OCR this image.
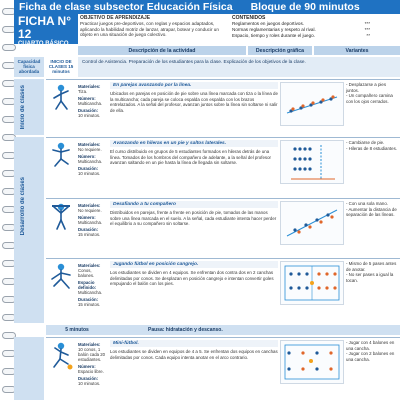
Ficha de clase subsector Educación Física Bloque de 90 minutos
FICHA N° 12
CUARTO BÁSICO
OBJETIVO DE APRENDIZAJE
Practicar juegos pre-deportivos, con reglas y espacios adaptados, aplicando la habilidad motriz de lanzar, atrapar, botear y conducir un objeto en una situación de juego colectivo.
CONTENIDOS
Reglamentos en juegos deportivos.	***
Normas reglamentarias y respeto al rival.	***
Espacio, tiempo y roles durante el juego.	**
Descripción de la actividad	Descripción gráfica	Variantes
Capacidad física abordada
INICIO DE CLASES 15 minutos
Control de Asistencia. Preparación de los estudiantes para la clase. Explicación de los objetivos de la clase.
Inicio de clases
Desarrollo de clases
Materiales:
Tiza.
Número:
Multicancha.
Duración:
10 minutos.
En parejas avanzando por la línea.
Ubicados en parejas en posición de pie sobre una línea marcada con tiza o la línea de la multicancha; cada pareja se coloca espalda con espalda con los brazos entrelazados. A la señal del profesor, avanzan juntos sobre la línea sin soltarse ni salir de ella.
- Desplazarse a pies juntos.
- Un compañero camina con los ojos cerrados.
Materiales:
No requiere.
Número:
Multicancha.
Duración:
10 minutos.
Avanzando en hileras en un pie y saltos laterales.
El curso distribuido en grupos de 5 estudiantes formados en hileras detrás de una línea. Tomados de los hombros del compañero de adelante, a la señal del profesor avanzan saltando en un pie hasta la línea de llegada sin soltarse.
- Cambiarse de pie.
- Hileras de 8 estudiantes.
Materiales:
No requiere.
Número:
Multicancha.
Duración:
15 minutos.
Desafiando a tu compañero
Distribuidos en parejas, frente a frente en posición de pie, tomados de las manos sobre una línea marcada en el suelo. A la señal, cada estudiante intenta hacer perder el equilibrio a su compañero sin soltarse.
- Con una sola mano.
- Aumentar la distancia de separación de las líneas.
Materiales:
Conos, balones.
Espacio definido:
Multicancha.
Duración:
15 minutos.
Jugando fútbol en posición cangrejo.
Los estudiantes se dividen en 4 equipos. Se enfrentan dos contra dos en 2 canchas delimitadas por conos. Se desplazan en posición cangrejo e intentan convertir goles empujando el balón con los pies.
- Mismo de 5 pases antes de anotar.
- No ser pases a igual la tocan.
Materiales:
10 conos, 1 balón cada 20 estudiantes.
Número:
Espacio libre.
Duración:
10 minutos.
Mini-fútbol.
Los estudiantes se dividen en equipos de 4 a 5. Se enfrentan dos equipos en canchas delimitadas por conos. Cada equipo intenta anotar en el arco contrario.
- Jugar con 4 balones en una cancha.
- Jugar con 2 balones en una cancha.
5 minutos	Pausa: hidratación y descanso.
